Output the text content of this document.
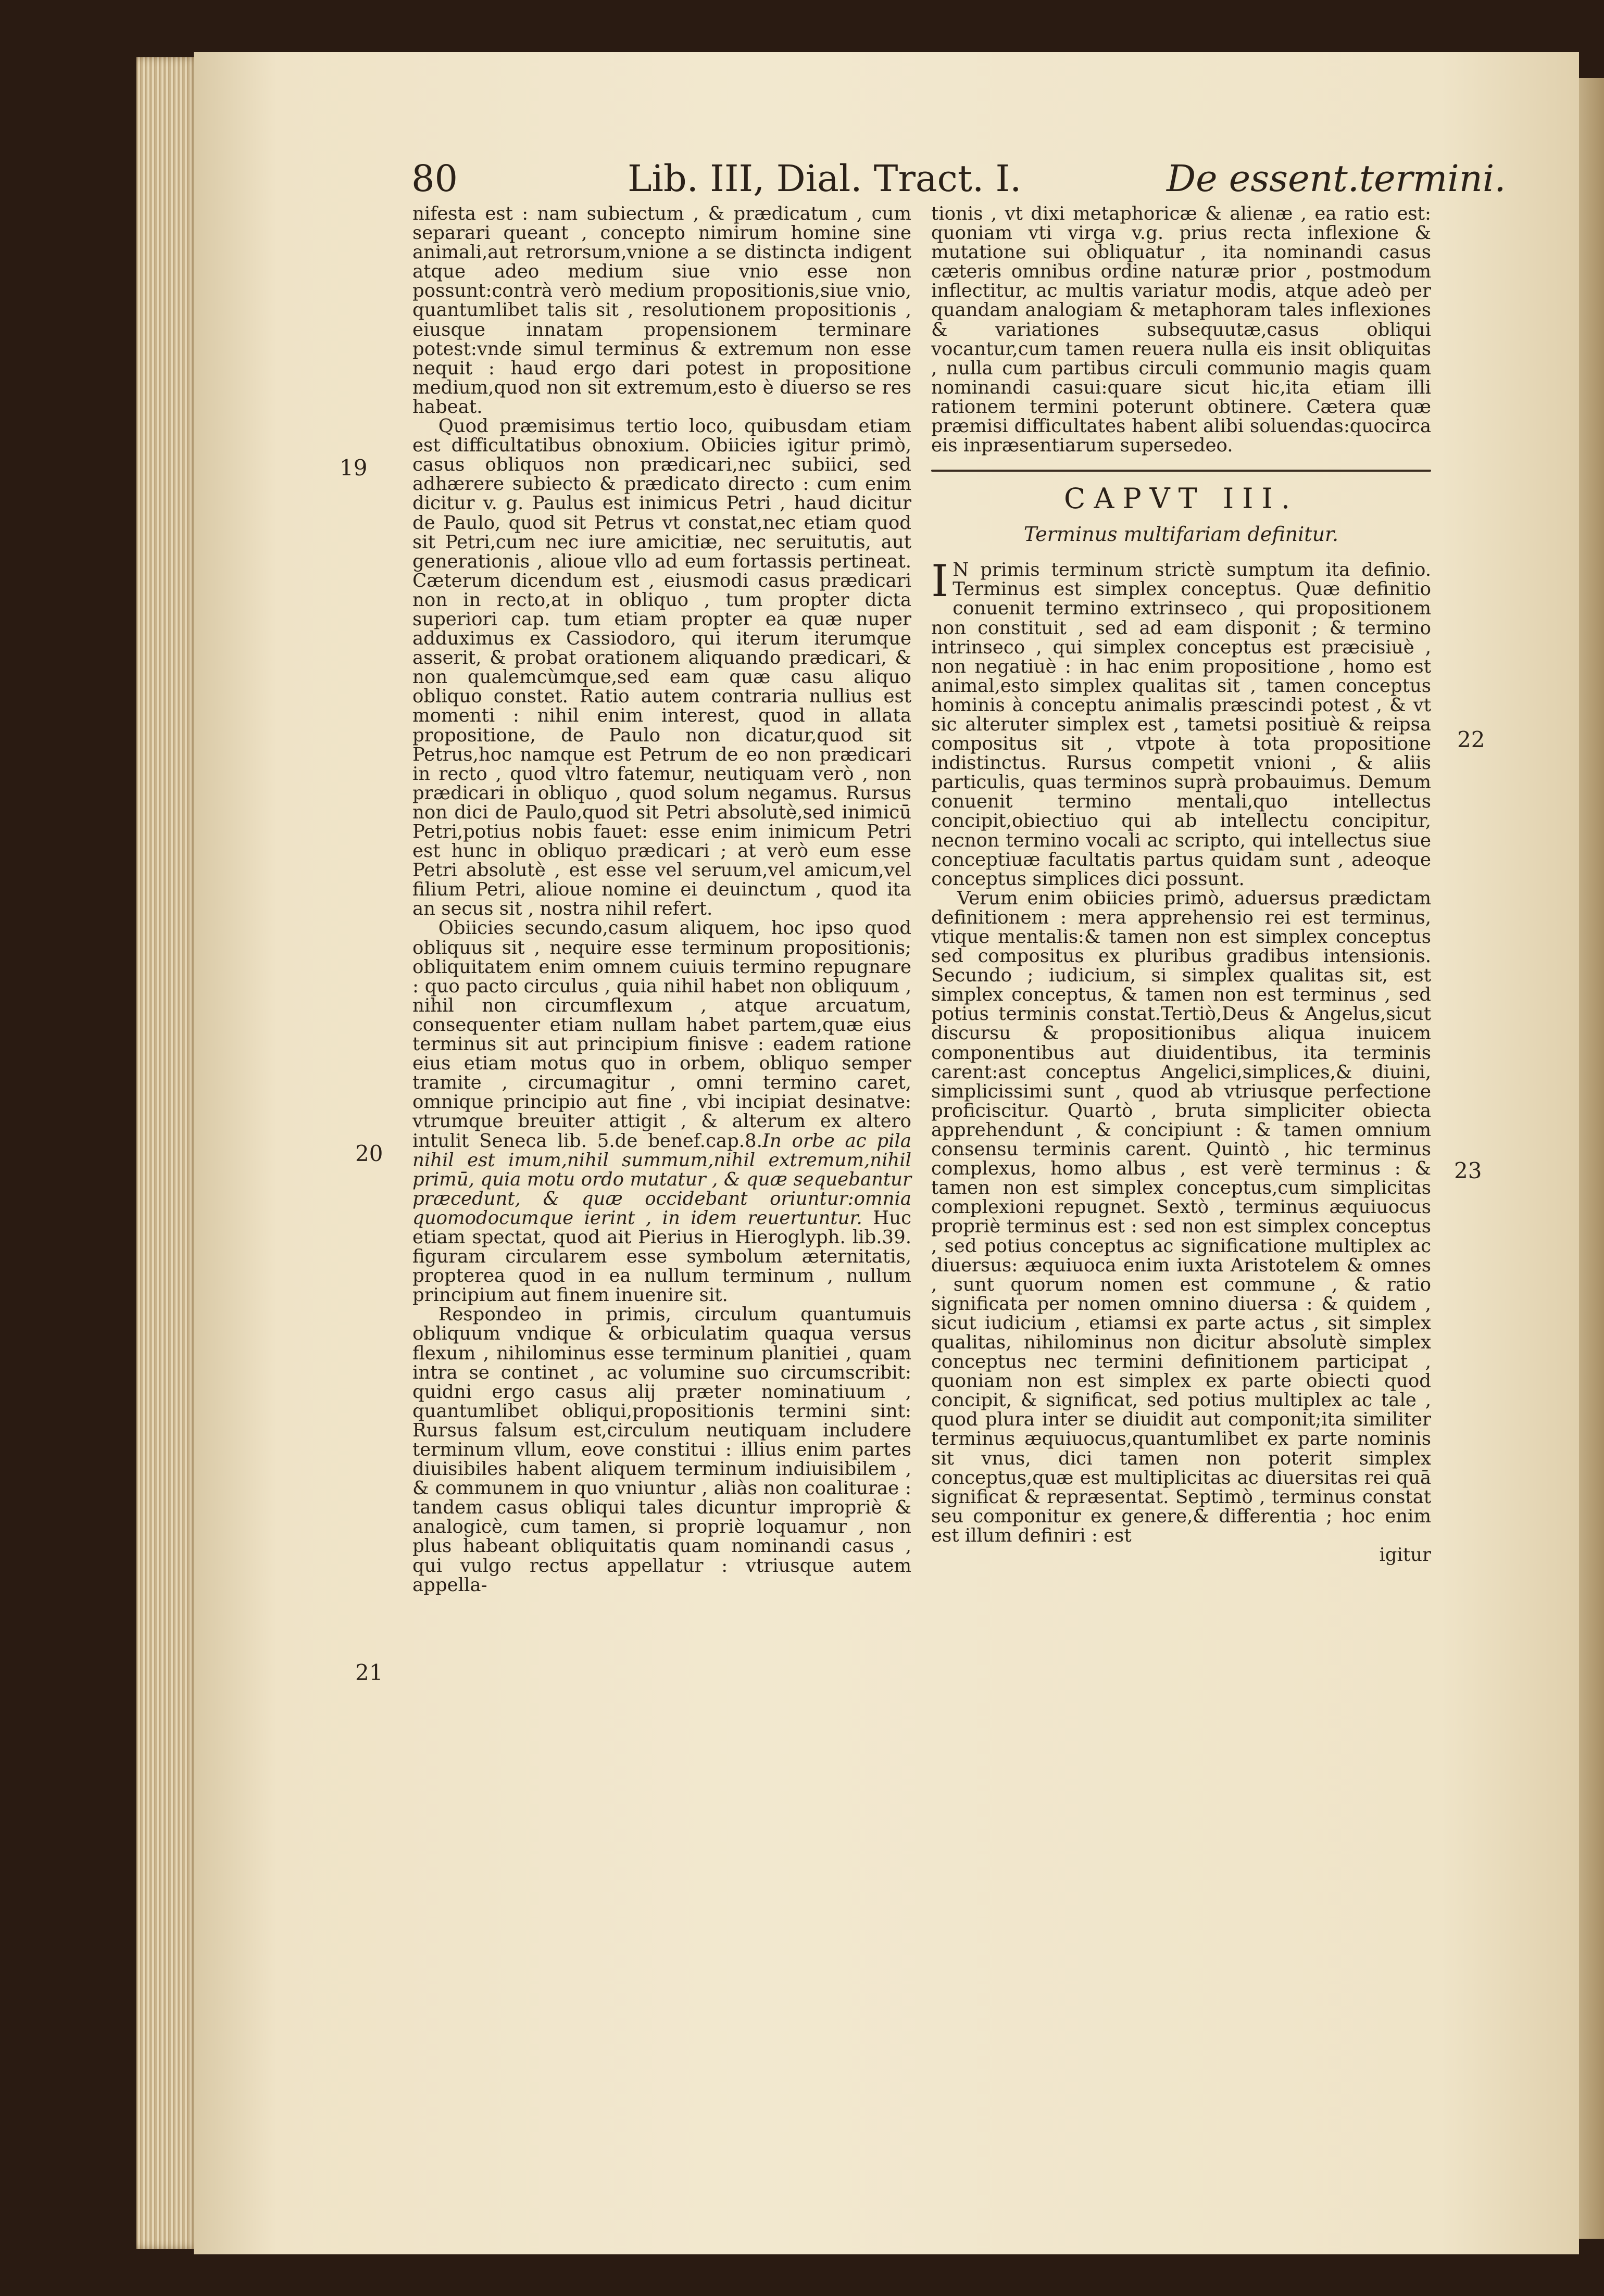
80	Lib. III, Dial. Tract. I.	De essent.termini.
19
20
21
22
23

nifesta est : nam subiectum , & prædicatum , cum separari queant , concepto nimirum homine sine animali,aut retrorsum,vnione a se distincta indigent atque adeo medium siue vnio esse non possunt:contrà verò medium propositionis,siue vnio, quantumlibet talis sit , resolutionem propositionis , eiusque innatam propensionem terminare potest:vnde simul terminus & extremum non esse nequit : haud ergo dari potest in propositione medium,quod non sit extremum,esto è diuerso se res habeat.

Quod præmisimus tertio loco, quibusdam etiam est difficultatibus obnoxium. Obiicies igitur primò, casus obliquos non prædicari,nec subiici, sed adhærere subiecto & prædicato directo : cum enim dicitur v. g. Paulus est inimicus Petri , haud dicitur de Paulo, quod sit Petrus vt constat,nec etiam quod sit Petri,cum nec iure amicitiæ, nec seruitutis, aut generationis , alioue vllo ad eum fortassis pertineat. Cæterum dicendum est , eiusmodi casus prædicari non in recto,at in obliquo , tum propter dicta superiori cap. tum etiam propter ea quæ nuper adduximus ex Cassiodoro, qui iterum iterumque asserit, & probat orationem aliquando prædicari, & non qualemcùmque,sed eam quæ casu aliquo obliquo constet. Ratio autem contraria nullius est momenti : nihil enim interest, quod in allata propositione, de Paulo non dicatur,quod sit Petrus,hoc namque est Petrum de eo non prædicari in recto , quod vltro fatemur, neutiquam verò , non prædicari in obliquo , quod solum negamus. Rursus non dici de Paulo,quod sit Petri absolutè,sed inimicū Petri,potius nobis fauet: esse enim inimicum Petri est hunc in obliquo prædicari ; at verò eum esse Petri absolutè , est esse vel seruum,vel amicum,vel filium Petri, alioue nomine ei deuinctum , quod ita an secus sit , nostra nihil refert.

Obiicies secundo,casum aliquem, hoc ipso quod obliquus sit , nequire esse terminum propositionis; obliquitatem enim omnem cuiuis termino repugnare : quo pacto circulus , quia nihil habet non obliquum , nihil non circumflexum , atque arcuatum, consequenter etiam nullam habet partem,quæ eius terminus sit aut principium finisve : eadem ratione eius etiam motus quo in orbem, obliquo semper tramite , circumagitur , omni termino caret, omnique principio aut fine , vbi incipiat desinatve: vtrumque breuiter attigit , & alterum ex altero intulit Seneca lib. 5.de benef.cap.8.In orbe ac pila nihil est imum,nihil summum,nihil extremum,nihil primū, quia motu ordo mutatur , & quæ sequebantur præcedunt, & quæ occidebant oriuntur:omnia quomodocumque ierint , in idem reuertuntur. Huc etiam spectat, quod ait Pierius in Hieroglyph. lib.39. figuram circularem esse symbolum æternitatis, propterea quod in ea nullum terminum , nullum principium aut finem inuenire sit.

Respondeo in primis, circulum quantumuis obliquum vndique & orbiculatim quaqua versus flexum , nihilominus esse terminum planitiei , quam intra se continet , ac volumine suo circumscribit: quidni ergo casus alij præter nominatiuum , quantumlibet obliqui,propositionis termini sint: Rursus falsum est,circulum neutiquam includere terminum vllum, eove constitui : illius enim partes diuisibiles habent aliquem terminum indiuisibilem , & communem in quo vniuntur , aliàs non coaliturae : tandem casus obliqui tales dicuntur impropriè & analogicè, cum tamen, si propriè loquamur , non plus habeant obliquitatis quam nominandi casus , qui vulgo rectus appellatur : vtriusque autem appella-

tionis , vt dixi metaphoricæ & alienæ , ea ratio est: quoniam vti virga v.g. prius recta inflexione & mutatione sui obliquatur , ita nominandi casus cæteris omnibus ordine naturæ prior , postmodum inflectitur, ac multis variatur modis, atque adeò per quandam analogiam & metaphoram tales inflexiones & variationes subsequutæ,casus obliqui vocantur,cum tamen reuera nulla eis insit obliquitas , nulla cum partibus circuli communio magis quam nominandi casui:quare sicut hic,ita etiam illi rationem termini poterunt obtinere. Cætera quæ præmisi difficultates habent alibi soluendas:quocirca eis inpræsentiarum supersedeo.

CAPVT III.
Terminus multifariam definitur.

I N primis terminum strictè sumptum ita definio. Terminus est simplex conceptus. Quæ definitio conuenit termino extrinseco , qui propositionem non constituit , sed ad eam disponit ; & termino intrinseco , qui simplex conceptus est præcisiuè , non negatiuè : in hac enim propositione , homo est animal,esto simplex qualitas sit , tamen conceptus hominis à conceptu animalis præscindi potest , & vt sic alteruter simplex est , tametsi positiuè & reipsa compositus sit , vtpote à tota propositione indistinctus. Rursus competit vnioni , & aliis particulis, quas terminos suprà probauimus. Demum conuenit termino mentali,quo intellectus concipit,obiectiuo qui ab intellectu concipitur, necnon termino vocali ac scripto, qui intellectus siue conceptiuæ facultatis partus quidam sunt , adeoque conceptus simplices dici possunt.

Verum enim obiicies primò, aduersus prædictam definitionem : mera apprehensio rei est terminus, vtique mentalis:& tamen non est simplex conceptus sed compositus ex pluribus gradibus intensionis. Secundo ; iudicium, si simplex qualitas sit, est simplex conceptus, & tamen non est terminus , sed potius terminis constat.Tertiò,Deus & Angelus,sicut discursu & propositionibus aliqua inuicem componentibus aut diuidentibus, ita terminis carent:ast conceptus Angelici,simplices,& diuini, simplicissimi sunt , quod ab vtriusque perfectione proficiscitur. Quartò , bruta simpliciter obiecta apprehendunt , & concipiunt : & tamen omnium consensu terminis carent. Quintò , hic terminus complexus, homo albus , est verè terminus : & tamen non est simplex conceptus,cum simplicitas complexioni repugnet. Sextò , terminus æquiuocus propriè terminus est : sed non est simplex conceptus , sed potius conceptus ac significatione multiplex ac diuersus: æquiuoca enim iuxta Aristotelem & omnes , sunt quorum nomen est commune , & ratio significata per nomen omnino diuersa : & quidem , sicut iudicium , etiamsi ex parte actus , sit simplex qualitas, nihilominus non dicitur absolutè simplex conceptus nec termini definitionem participat , quoniam non est simplex ex parte obiecti quod concipit, & significat, sed potius multiplex ac tale , quod plura inter se diuidit aut componit;ita similiter terminus æquiuocus,quantumlibet ex parte nominis sit vnus, dici tamen non poterit simplex conceptus,quæ est multiplicitas ac diuersitas rei quā significat & repræsentat. Septimò , terminus constat seu componitur ex genere,& differentia ; hoc enim est illum definiri : est

igitur
